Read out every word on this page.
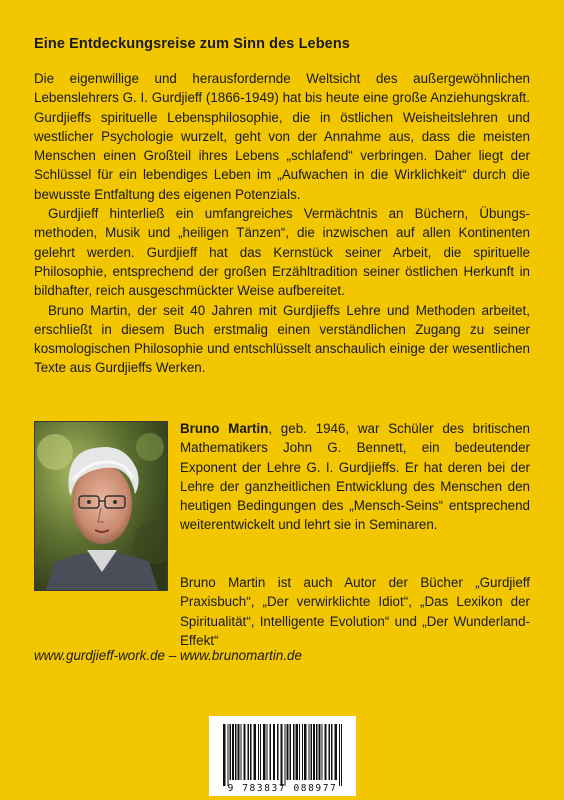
Eine Entdeckungsreise zum Sinn des Lebens

Die eigenwillige und herausfordernde Weltsicht des außergewöhnlichen Lebenslehrers G. I. Gurdjieff (1866-1949) hat bis heute eine große Anziehungskraft. Gurdjieffs spirituelle Lebensphilosophie, die in östlichen Weisheitslehren und westlicher Psychologie wurzelt, geht von der Annahme aus, dass die meisten Menschen einen Großteil ihres Lebens „schlafend“ verbringen. Daher liegt der Schlüssel für ein lebendiges Leben im „Aufwachen in die Wirklichkeit“ durch die bewusste Entfaltung des eigenen Potenzials.

Gurdjieff hinterließ ein umfangreiches Vermächtnis an Büchern, Übungsmethoden, Musik und „heiligen Tänzen“, die inzwischen auf allen Kontinenten gelehrt werden. Gurdjieff hat das Kernstück seiner Arbeit, die spirituelle Philosophie, entsprechend der großen Erzähltradition seiner östlichen Herkunft in bildhafter, reich ausgeschmückter Weise aufbereitet.

Bruno Martin, der seit 40 Jahren mit Gurdjieffs Lehre und Methoden arbeitet, erschließt in diesem Buch erstmalig einen verständlichen Zugang zu seiner kosmologischen Philosophie und entschlüsselt anschaulich einige der wesentlichen Texte aus Gurdjieffs Werken.

Bruno Martin, geb. 1946, war Schüler des britischen Mathematikers John G. Bennett, ein bedeutender Exponent der Lehre G. I. Gurdjieffs. Er hat deren bei der Lehre der ganzheitlichen Entwicklung des Menschen den heutigen Bedingungen des „Mensch-Seins“ entsprechend weiterentwickelt und lehrt sie in Seminaren.

Bruno Martin ist auch Autor der Bücher „Gurdjieff Praxisbuch“, „Der verwirklichte Idiot“, „Das Lexikon der Spiritualität“, Intelligente Evolution“ und „Der Wunderland-Effekt“

www.gurdjieff-work.de – www.brunomartin.de

9 783837 088977
